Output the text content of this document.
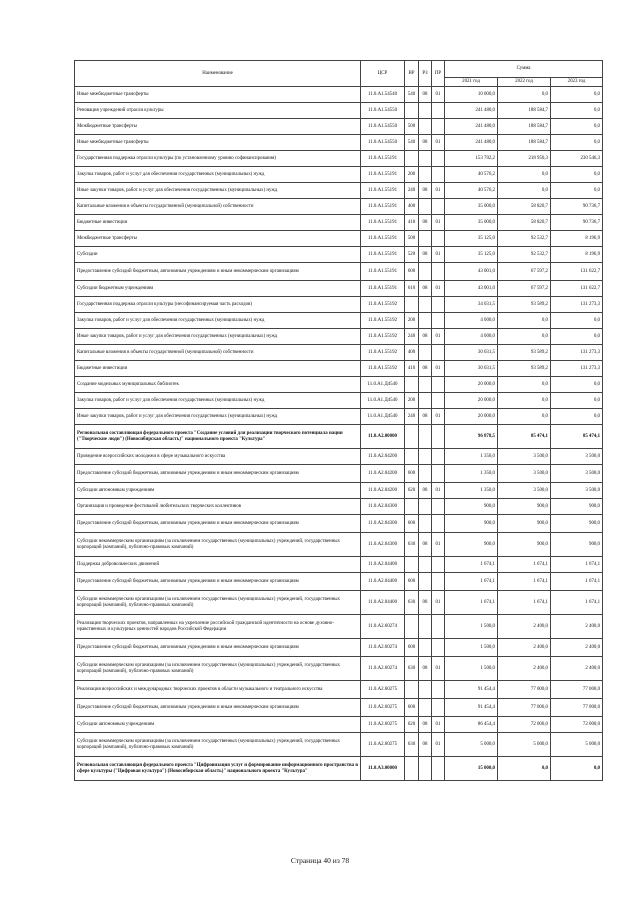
Наименование	ЦСР	ВР	РЗ	ПР	Сумма		
					2021 год	2022 год	2023 год
Иные межбюджетные трансферты	11.0.А1.54540	540	08	01	10 000,0	0,0	0,0
Реновация учреждений отрасли культуры	11.0.А1.54550				241 480,0	188 584,7	0,0
Межбюджетные трансферты	11.0.А1.54550	500			241 480,0	188 584,7	0,0
Иные межбюджетные трансферты	11.0.А1.54550	540	08	01	241 480,0	188 584,7	0,0
Государственная поддержка отрасли культуры (по установленному уровню софинансирования)	11.0.А1.55191				153 702,2	218 950,3	230 546,3
Закупка товаров, работ и услуг для обеспечения государственных (муниципальных) нужд	11.0.А1.55191	200			40 576,2	0,0	0,0
Иные закупки товаров, работ и услуг для обеспечения государственных (муниципальных) нужд	11.0.А1.55191	240	08	01	40 576,2	0,0	0,0
Капитальные вложения в объекты государственной (муниципальной) собственности	11.0.А1.55191	400			35 000,0	58 820,7	90 736,7
Бюджетные инвестиции	11.0.А1.55191	410	08	01	35 000,0	58 820,7	90 736,7
Межбюджетные трансферты	11.0.А1.55191	500			35 125,0	92 532,7	8 196,9
Субсидии	11.0.А1.55191	520	08	01	35 125,0	92 532,7	8 196,9
Предоставление субсидий бюджетным, автономным учреждениям и иным некоммерческим организациям	11.0.А1.55191	600			43 001,0	67 597,2	131 622,7
Субсидии бюджетным учреждениям	11.0.А1.55191	610	08	01	43 001,0	67 597,2	131 622,7
Государственная поддержка отрасли культуры (несофинансируемая часть расходов)	11.0.А1.55192				34 031,5	93 589,2	131 273,3
Закупка товаров, работ и услуг для обеспечения государственных (муниципальных) нужд	11.0.А1.55192	200			4 000,0	0,0	0,0
Иные закупки товаров, работ и услуг для обеспечения государственных (муниципальных) нужд	11.0.А1.55192	240	08	01	4 000,0	0,0	0,0
Капитальные вложения в объекты государственной (муниципальной) собственности	11.0.А1.55192	400			30 031,5	93 589,2	131 273,3
Бюджетные инвестиции	11.0.А1.55192	410	08	01	30 031,5	93 589,2	131 273,3
Создание модельных муниципальных библиотек	11.0.А1.Д4540				20 000,0	0,0	0,0
Закупка товаров, работ и услуг для обеспечения государственных (муниципальных) нужд	11.0.А1.Д4540	200			20 000,0	0,0	0,0
Иные закупки товаров, работ и услуг для обеспечения государственных (муниципальных) нужд	11.0.А1.Д4540	240	08	01	20 000,0	0,0	0,0
Региональная составляющая федерального проекта "Создание условий для реализации творческого потенциала нации ("Творческие люди") (Новосибирская область)" национального проекта "Культура"	11.0.А2.00000				96 878,5	85 474,1	85 474,1
Проведение всероссийских молодежи в сфере музыкального искусства	11.0.А2.04200				1 350,0	3 500,0	3 500,0
Предоставление субсидий бюджетным, автономным учреждениям и иным некоммерческим организациям	11.0.А2.04200	600			1 350,0	3 500,0	3 500,0
Субсидии автономным учреждениям	11.0.А2.04200	620	08	01	1 350,0	3 500,0	3 500,0
Организация и проведение фестивалей любительских творческих коллективов	11.0.А2.04300				900,0	900,0	900,0
Предоставление субсидий бюджетным, автономным учреждениям и иным некоммерческим организациям	11.0.А2.04300	600			900,0	900,0	900,0
Субсидии некоммерческим организациям (за исключением государственных (муниципальных) учреждений, государственных корпораций (компаний), публично-правовых компаний)	11.0.А2.04300	630	08	01	900,0	900,0	900,0
Поддержка добровольческих движений	11.0.А2.04400				1 674,1	1 674,1	1 674,1
Предоставление субсидий бюджетным, автономным учреждениям и иным некоммерческим организациям	11.0.А2.04400	600			1 674,1	1 674,1	1 674,1
Субсидии некоммерческим организациям (за исключением государственных (муниципальных) учреждений, государственных корпораций (компаний), публично-правовых компаний)	11.0.А2.04400	630	08	01	1 674,1	1 674,1	1 674,1
Реализация творческих проектов, направленных на укрепление российской гражданской идентичности на основе духовно-нравственных и культурных ценностей народов Российской Федерации	11.0.А2.60274				1 500,0	2 400,0	2 400,0
Предоставление субсидий бюджетным, автономным учреждениям и иным некоммерческим организациям	11.0.А2.60274	600			1 500,0	2 400,0	2 400,0
Субсидии некоммерческим организациям (за исключением государственных (муниципальных) учреждений, государственных корпораций (компаний), публично-правовых компаний)	11.0.А2.60274	630	08	01	1 500,0	2 400,0	2 400,0
Реализация всероссийских и международных творческих проектов в области музыкального и театрального искусства	11.0.А2.60275				91 454,4	77 000,0	77 000,0
Предоставление субсидий бюджетным, автономным учреждениям и иным некоммерческим организациям	11.0.А2.60275	600			91 454,4	77 000,0	77 000,0
Субсидии автономным учреждениям	11.0.А2.60275	620	08	01	86 454,4	72 000,0	72 000,0
Субсидии некоммерческим организациям (за исключением государственных (муниципальных) учреждений, государственных корпораций (компаний), публично-правовых компаний)	11.0.А2.60275	630	08	01	5 000,0	5 000,0	5 000,0
Региональная составляющая федерального проекта "Цифровизация услуг и формирование информационного пространства в сфере культуры ("Цифровая культура") (Новосибирская область)" национального проекта "Культура"	11.0.А3.00000				15 000,0	0,0	0,0
Страница 40 из 78
